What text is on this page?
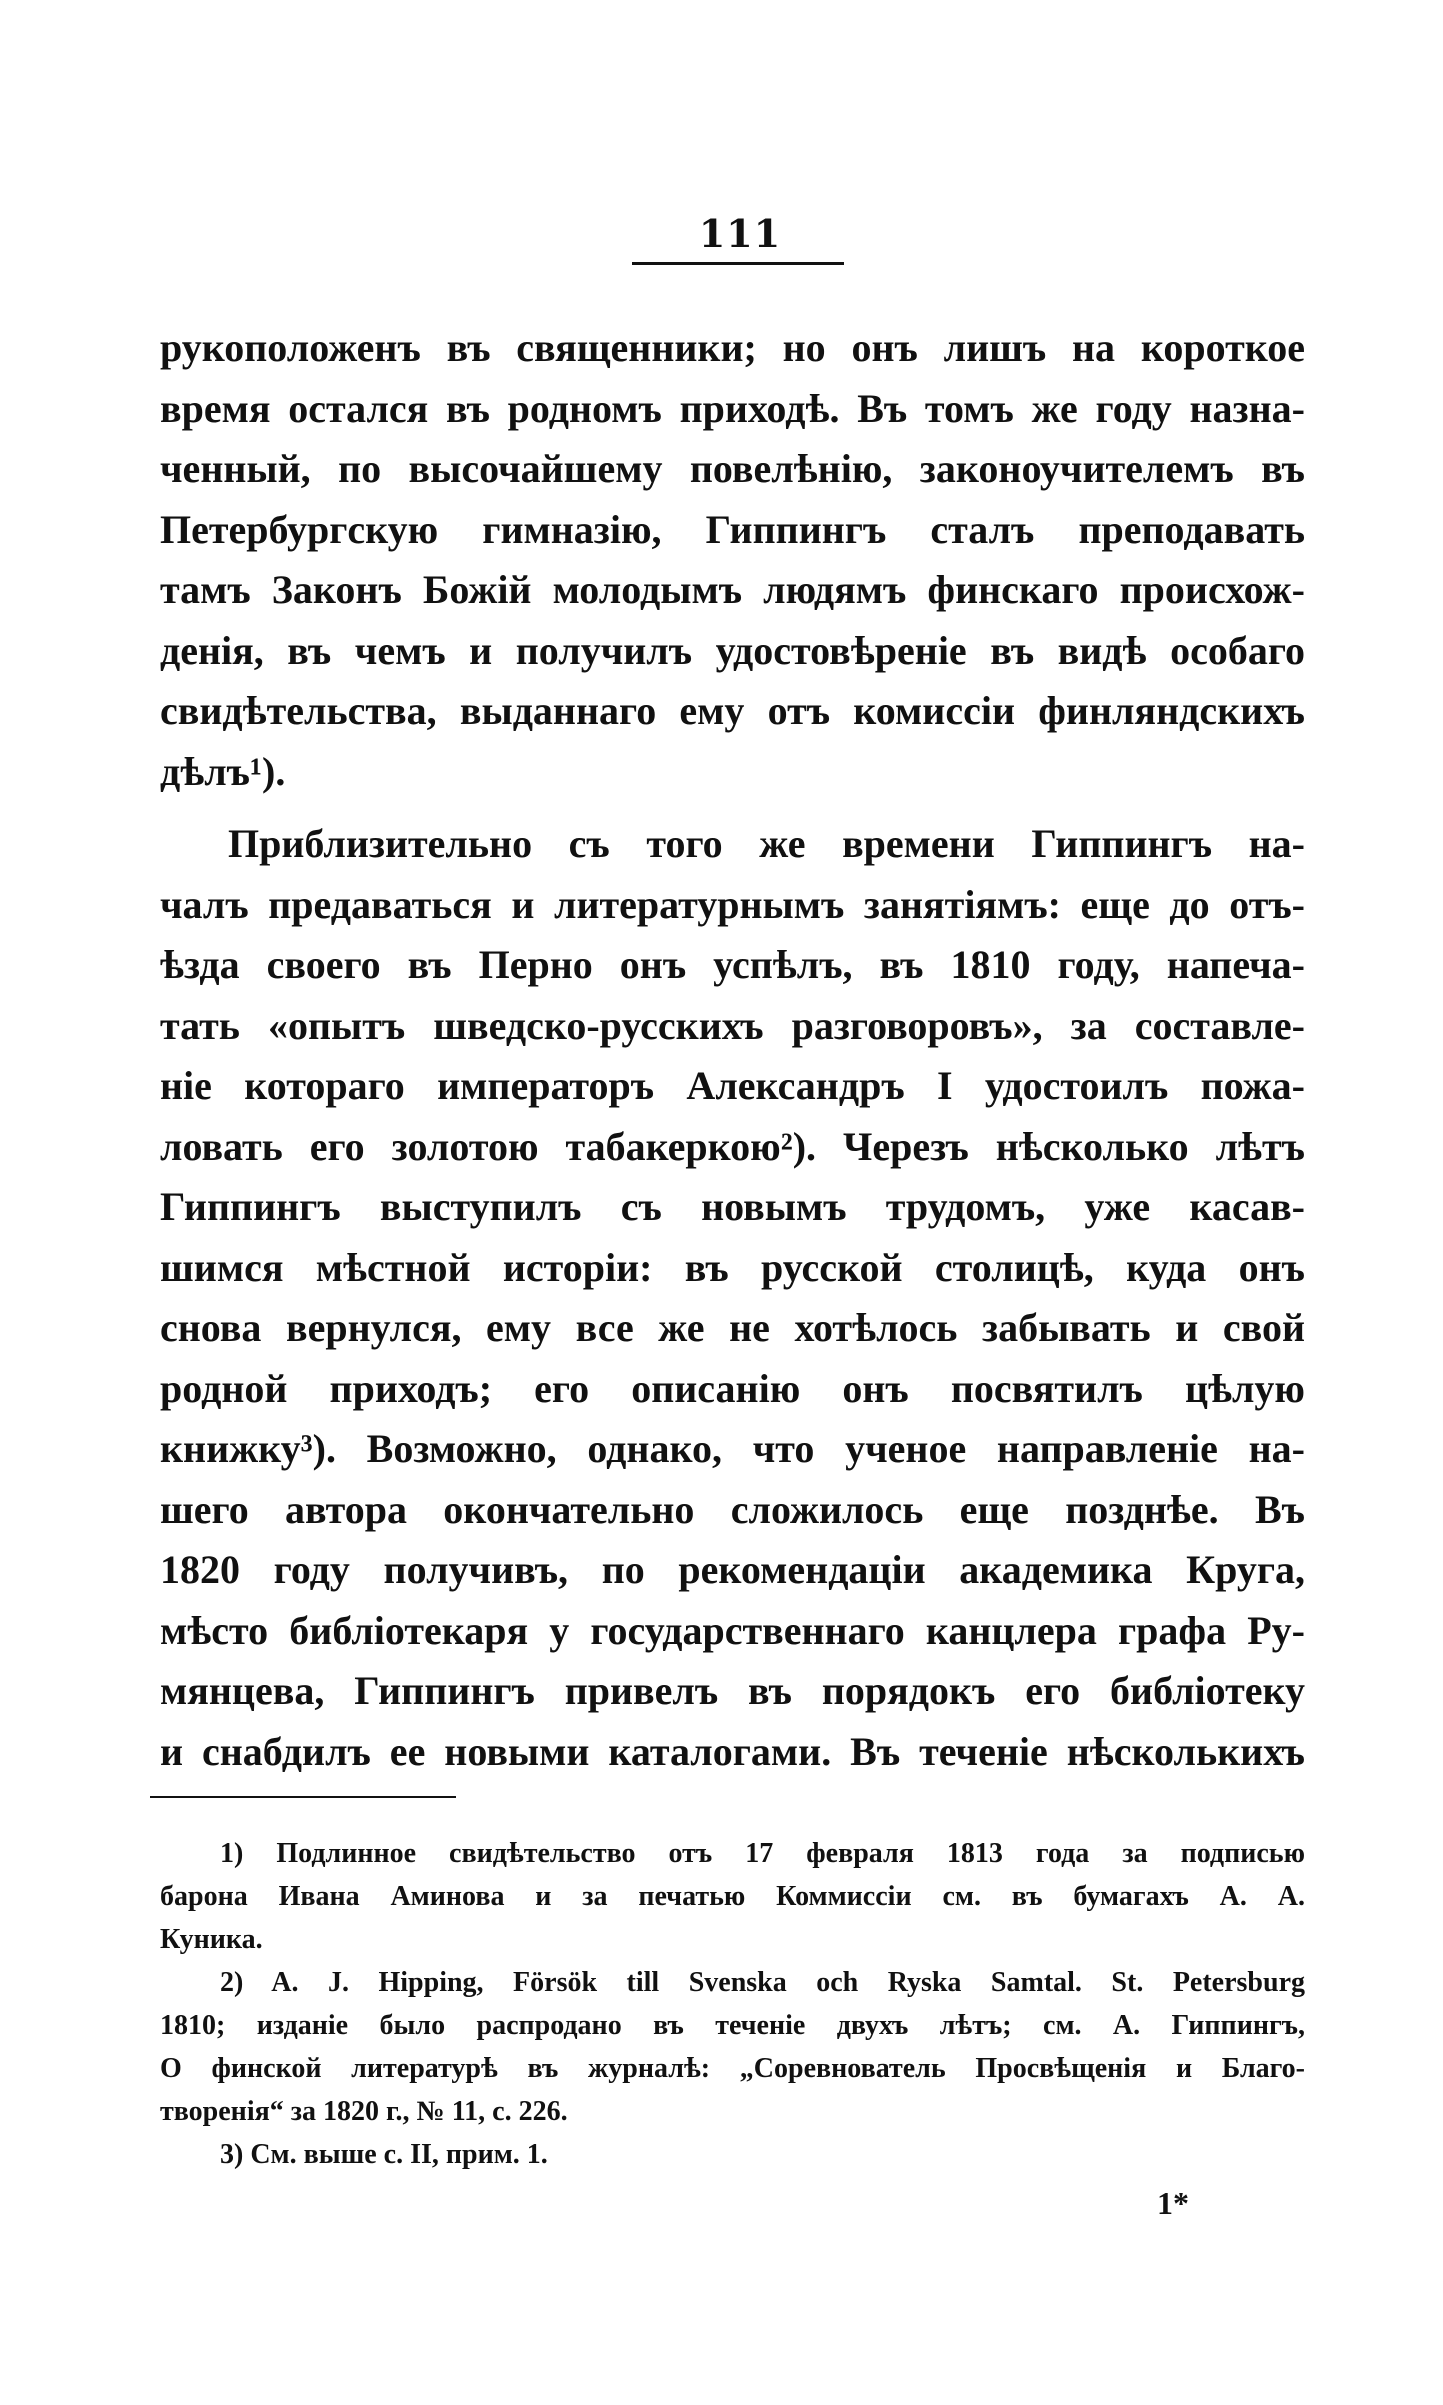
111
рукоположенъ въ священники; но онъ лишъ на короткое
время остался въ родномъ приходѣ. Въ томъ же году назна-
ченный, по высочайшему повелѣнію, законоучителемъ въ
Петербургскую гимназію, Гиппингъ сталъ преподавать
тамъ Законъ Божій молодымъ людямъ финскаго происхож-
денія, въ чемъ и получилъ удостовѣреніе въ видѣ особаго
свидѣтельства, выданнаго ему отъ комиссіи финляндскихъ
дѣлъ¹).
Приблизительно съ того же времени Гиппингъ на-
чалъ предаваться и литературнымъ занятіямъ: еще до отъ-
ѣзда своего въ Перно онъ успѣлъ, въ 1810 году, напеча-
тать «опытъ шведско-русскихъ разговоровъ», за составле-
ніе котораго императоръ Александръ I удостоилъ пожа-
ловать его золотою табакеркою²). Черезъ нѣсколько лѣтъ
Гиппингъ выступилъ съ новымъ трудомъ, уже касав-
шимся мѣстной исторіи: въ русской столицѣ, куда онъ
снова вернулся, ему все же не хотѣлось забывать и свой
родной приходъ; его описанію онъ посвятилъ цѣлую
книжку³). Возможно, однако, что ученое направленіе на-
шего автора окончательно сложилось еще позднѣе. Въ
1820 году получивъ, по рекомендаціи академика Круга,
мѣсто библіотекаря у государственнаго канцлера графа Ру-
мянцева, Гиппингъ привелъ въ порядокъ его библіотеку
и снабдилъ ее новыми каталогами. Въ теченіе нѣсколькихъ
1) Подлинное свидѣтельство отъ 17 февраля 1813 года за подписью
барона Ивана Аминова и за печатью Коммиссіи см. въ бумагахъ А. А.
Куника.
2) A. J. Hipping, Försök till Svenska och Ryska Samtal. St. Petersburg
1810; изданіе было распродано въ теченіе двухъ лѣтъ; см. А. Гиппингъ,
О финской литературѣ въ журналѣ: „Соревнователь Просвѣщенія и Благо-
творенія“ за 1820 г., № 11, с. 226.
3) См. выше с. II, прим. 1.
1*
